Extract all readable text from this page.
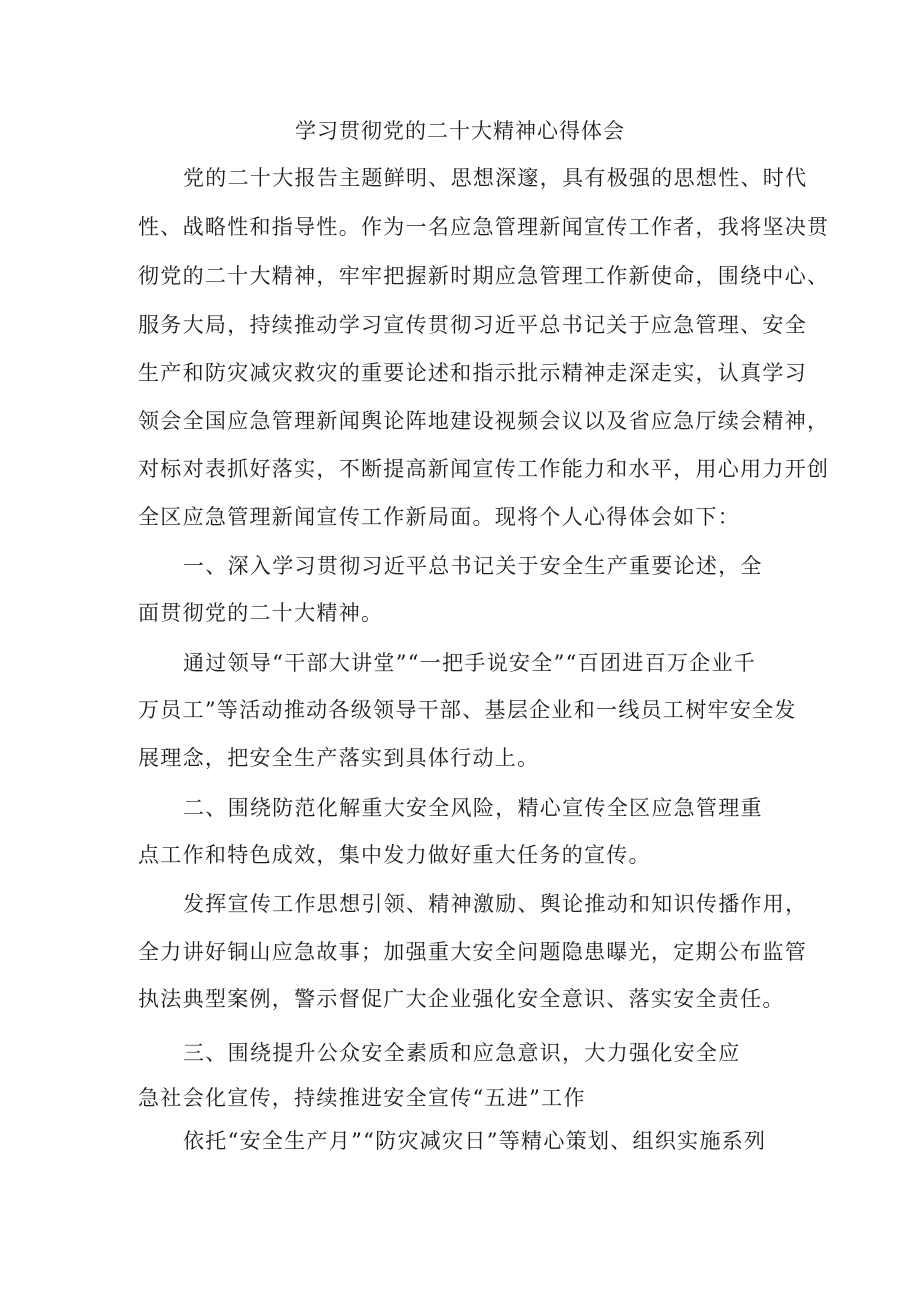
学习贯彻党的二十大精神心得体会
党的二十大报告主题鲜明、思想深邃，具有极强的思想性、时代
性、战略性和指导性。作为一名应急管理新闻宣传工作者，我将坚决贯
彻党的二十大精神，牢牢把握新时期应急管理工作新使命，围绕中心、
服务大局，持续推动学习宣传贯彻习近平总书记关于应急管理、安全
生产和防灾减灾救灾的重要论述和指示批示精神走深走实，认真学习
领会全国应急管理新闻舆论阵地建设视频会议以及省应急厅续会精神，
对标对表抓好落实，不断提高新闻宣传工作能力和水平，用心用力开创
全区应急管理新闻宣传工作新局面。现将个人心得体会如下：
一、深入学习贯彻习近平总书记关于安全生产重要论述，全
面贯彻党的二十大精神。
通过领导“干部大讲堂”“一把手说安全”“百团进百万企业千
万员工”等活动推动各级领导干部、基层企业和一线员工树牢安全发
展理念，把安全生产落实到具体行动上。
二、围绕防范化解重大安全风险，精心宣传全区应急管理重
点工作和特色成效，集中发力做好重大任务的宣传。
发挥宣传工作思想引领、精神激励、舆论推动和知识传播作用，
全力讲好铜山应急故事；加强重大安全问题隐患曝光，定期公布监管
执法典型案例，警示督促广大企业强化安全意识、落实安全责任。
三、围绕提升公众安全素质和应急意识，大力强化安全应
急社会化宣传，持续推进安全宣传“五进”工作
依托“安全生产月”“防灾减灾日”等精心策划、组织实施系列
